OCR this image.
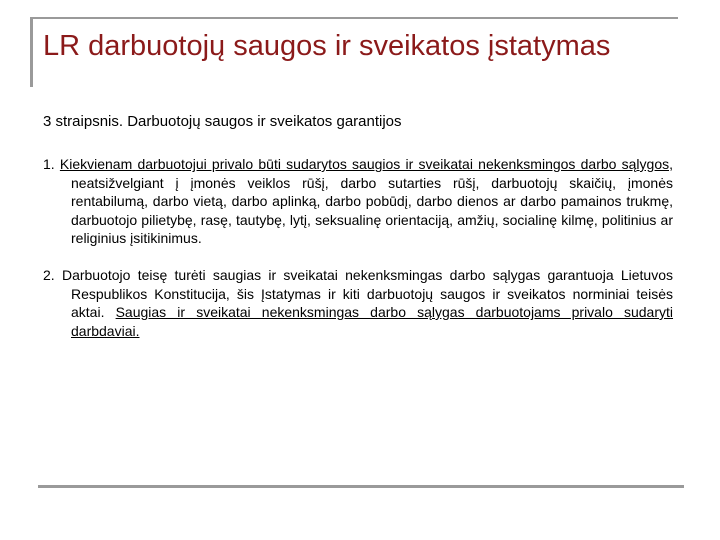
LR darbuotojų saugos ir sveikatos įstatymas

3 straipsnis. Darbuotojų saugos ir sveikatos garantijos

1. Kiekvienam darbuotojui privalo būti sudarytos saugios ir sveikatai nekenksmingos darbo sąlygos, neatsižvelgiant į įmonės veiklos rūšį, darbo sutarties rūšį, darbuotojų skaičių, įmonės rentabilumą, darbo vietą, darbo aplinką, darbo pobūdį, darbo dienos ar darbo pamainos trukmę, darbuotojo pilietybę, rasę, tautybę, lytį, seksualinę orientaciją, amžių, socialinę kilmę, politinius ar religinius įsitikinimus.

2. Darbuotojo teisę turėti saugias ir sveikatai nekenksmingas darbo sąlygas garantuoja Lietuvos Respublikos Konstitucija, šis Įstatymas ir kiti darbuotojų saugos ir sveikatos norminiai teisės aktai. Saugias ir sveikatai nekenksmingas darbo sąlygas darbuotojams privalo sudaryti darbdaviai.
